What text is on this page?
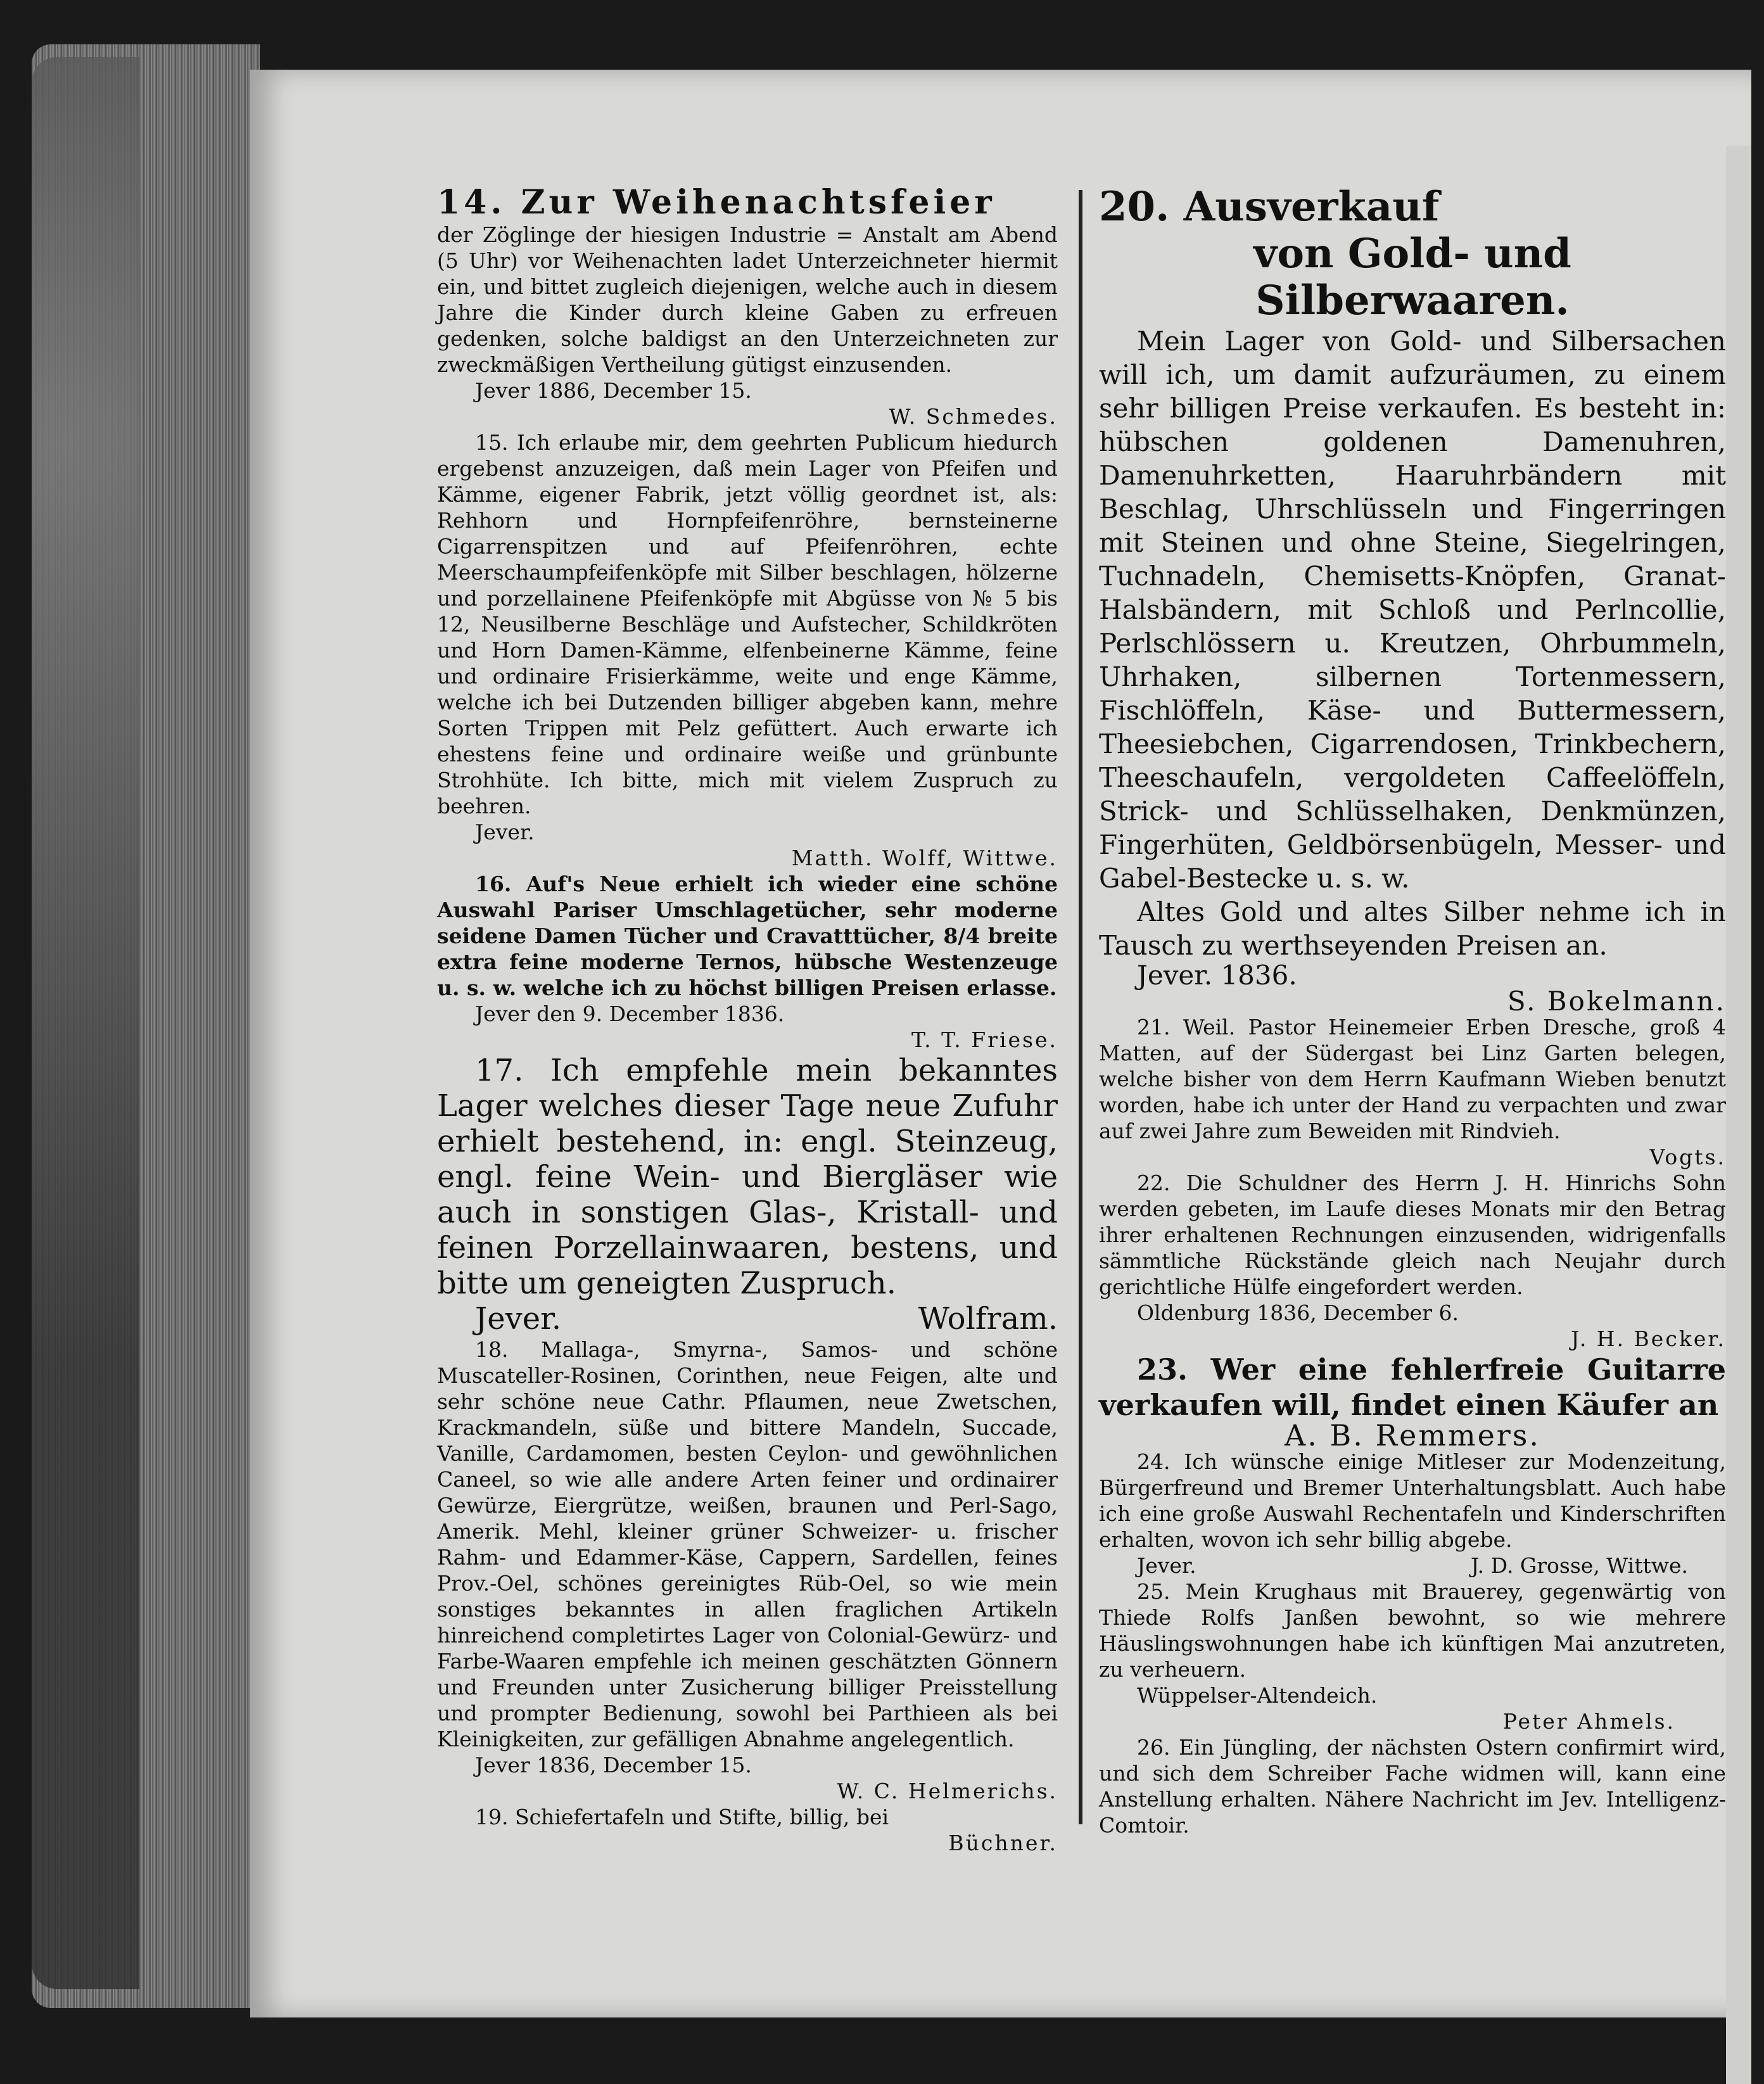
14. Zur Weihenachtsfeier

der Zöglinge der hiesigen Industrie = Anstalt am Abend (5 Uhr) vor Weihenachten ladet Unterzeichneter hiermit ein, und bittet zugleich diejenigen, welche auch in diesem Jahre die Kinder durch kleine Gaben zu erfreuen gedenken, solche baldigst an den Unterzeichneten zur zweckmäßigen Vertheilung gütigst einzusenden.

Jever 1886, December 15.

W. Schmedes.

15. Ich erlaube mir, dem geehrten Publicum hiedurch ergebenst anzuzeigen, daß mein Lager von Pfeifen und Kämme, eigener Fabrik, jetzt völlig geordnet ist, als: Rehhorn und Hornpfeifenröhre, bernsteinerne Cigarrenspitzen und auf Pfeifenröhren, echte Meerschaumpfeifenköpfe mit Silber beschlagen, hölzerne und porzellainene Pfeifenköpfe mit Abgüsse von № 5 bis 12, Neusilberne Beschläge und Aufstecher, Schildkröten und Horn Damen-Kämme, elfenbeinerne Kämme, feine und ordinaire Frisierkämme, weite und enge Kämme, welche ich bei Dutzenden billiger abgeben kann, mehre Sorten Trippen mit Pelz gefüttert. Auch erwarte ich ehestens feine und ordinaire weiße und grünbunte Strohhüte. Ich bitte, mich mit vielem Zuspruch zu beehren.

Jever.

Matth. Wolff, Wittwe.

16. Auf's Neue erhielt ich wieder eine schöne Auswahl Pariser Umschlagetücher, sehr moderne seidene Damen Tücher und Cravatttücher, 8/4 breite extra feine moderne Ternos, hübsche Westenzeuge u. s. w. welche ich zu höchst billigen Preisen erlasse.

Jever den 9. December 1836.

T. T. Friese.

17. Ich empfehle mein bekanntes Lager welches dieser Tage neue Zufuhr erhielt bestehend, in: engl. Steinzeug, engl. feine Wein- und Biergläser wie auch in sonstigen Glas-, Kristall- und feinen Porzellainwaaren, bestens, und bitte um geneigten Zuspruch.

Jever.	Wolfram.

18. Mallaga-, Smyrna-, Samos- und schöne Muscateller-Rosinen, Corinthen, neue Feigen, alte und sehr schöne neue Cathr. Pflaumen, neue Zwetschen, Krackmandeln, süße und bittere Mandeln, Succade, Vanille, Cardamomen, besten Ceylon- und gewöhnlichen Caneel, so wie alle andere Arten feiner und ordinairer Gewürze, Eiergrütze, weißen, braunen und Perl-Sago, Amerik. Mehl, kleiner grüner Schweizer- u. frischer Rahm- und Edammer-Käse, Cappern, Sardellen, feines Prov.-Oel, schönes gereinigtes Rüb-Oel, so wie mein sonstiges bekanntes in allen fraglichen Artikeln hinreichend completirtes Lager von Colonial-Gewürz- und Farbe-Waaren empfehle ich meinen geschätzten Gönnern und Freunden unter Zusicherung billiger Preisstellung und prompter Bedienung, sowohl bei Parthieen als bei Kleinigkeiten, zur gefälligen Abnahme angelegentlich.

Jever 1836, December 15.

W. C. Helmerichs.

19. Schiefertafeln und Stifte, billig, bei

Büchner.

20. Ausverkauf

von Gold- und Silberwaaren.

Mein Lager von Gold- und Silbersachen will ich, um damit aufzuräumen, zu einem sehr billigen Preise verkaufen. Es besteht in: hübschen goldenen Damenuhren, Damenuhrketten, Haaruhrbändern mit Beschlag, Uhrschlüsseln und Fingerringen mit Steinen und ohne Steine, Siegelringen, Tuchnadeln, Chemisetts-Knöpfen, Granat-Halsbändern, mit Schloß und Perlncollie, Perlschlössern u. Kreutzen, Ohrbummeln, Uhrhaken, silbernen Tortenmessern, Fischlöffeln, Käse- und Buttermessern, Theesiebchen, Cigarrendosen, Trinkbechern, Theeschaufeln, vergoldeten Caffeelöffeln, Strick- und Schlüsselhaken, Denkmünzen, Fingerhüten, Geldbörsenbügeln, Messer- und Gabel-Bestecke u. s. w.

Altes Gold und altes Silber nehme ich in Tausch zu werthseyenden Preisen an.

Jever. 1836.

S. Bokelmann.

21. Weil. Pastor Heinemeier Erben Dresche, groß 4 Matten, auf der Südergast bei Linz Garten belegen, welche bisher von dem Herrn Kaufmann Wieben benutzt worden, habe ich unter der Hand zu verpachten und zwar auf zwei Jahre zum Beweiden mit Rindvieh.

Vogts.

22. Die Schuldner des Herrn J. H. Hinrichs Sohn werden gebeten, im Laufe dieses Monats mir den Betrag ihrer erhaltenen Rechnungen einzusenden, widrigenfalls sämmtliche Rückstände gleich nach Neujahr durch gerichtliche Hülfe eingefordert werden.

Oldenburg 1836, December 6.

J. H. Becker.

23. Wer eine fehlerfreie Guitarre verkaufen will, findet einen Käufer an

A. B. Remmers.

24. Ich wünsche einige Mitleser zur Modenzeitung, Bürgerfreund und Bremer Unterhaltungsblatt. Auch habe ich eine große Auswahl Rechentafeln und Kinderschriften erhalten, wovon ich sehr billig abgebe.

Jever.	J. D. Grosse, Wittwe.

25. Mein Krughaus mit Brauerey, gegenwärtig von Thiede Rolfs Janßen bewohnt, so wie mehrere Häuslingswohnungen habe ich künftigen Mai anzutreten, zu verheuern.

Wüppelser-Altendeich.

Peter Ahmels.

26. Ein Jüngling, der nächsten Ostern confirmirt wird, und sich dem Schreiber Fache widmen will, kann eine Anstellung erhalten. Nähere Nachricht im Jev. Intelligenz-Comtoir.
